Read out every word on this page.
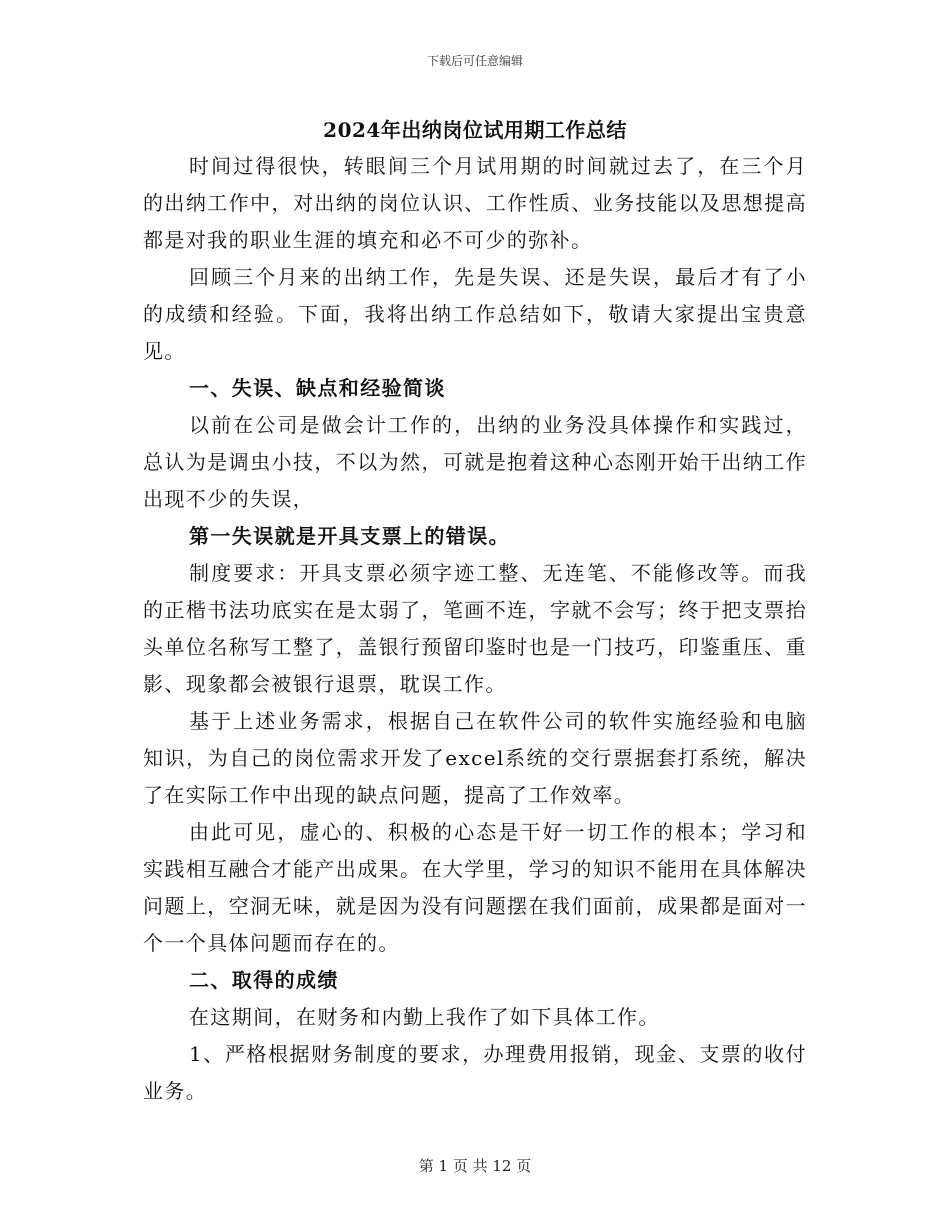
下载后可任意编辑
2024年出纳岗位试用期工作总结

时间过得很快，转眼间三个月试用期的时间就过去了，在三个月的出纳工作中，对出纳的岗位认识、工作性质、业务技能以及思想提高都是对我的职业生涯的填充和必不可少的弥补。

回顾三个月来的出纳工作，先是失误、还是失误，最后才有了小的成绩和经验。下面，我将出纳工作总结如下，敬请大家提出宝贵意见。

一、失误、缺点和经验简谈

以前在公司是做会计工作的，出纳的业务没具体操作和实践过，总认为是调虫小技，不以为然，可就是抱着这种心态刚开始干出纳工作出现不少的失误，

第一失误就是开具支票上的错误。

制度要求：开具支票必须字迹工整、无连笔、不能修改等。而我的正楷书法功底实在是太弱了，笔画不连，字就不会写；终于把支票抬头单位名称写工整了，盖银行预留印鉴时也是一门技巧，印鉴重压、重影、现象都会被银行退票，耽误工作。

基于上述业务需求，根据自己在软件公司的软件实施经验和电脑知识，为自己的岗位需求开发了excel系统的交行票据套打系统，解决了在实际工作中出现的缺点问题，提高了工作效率。

由此可见，虚心的、积极的心态是干好一切工作的根本；学习和实践相互融合才能产出成果。在大学里，学习的知识不能用在具体解决问题上，空洞无味，就是因为没有问题摆在我们面前，成果都是面对一个一个具体问题而存在的。

二、取得的成绩

在这期间，在财务和内勤上我作了如下具体工作。

1、严格根据财务制度的要求，办理费用报销，现金、支票的收付业务。

第 1 页 共 12 页
